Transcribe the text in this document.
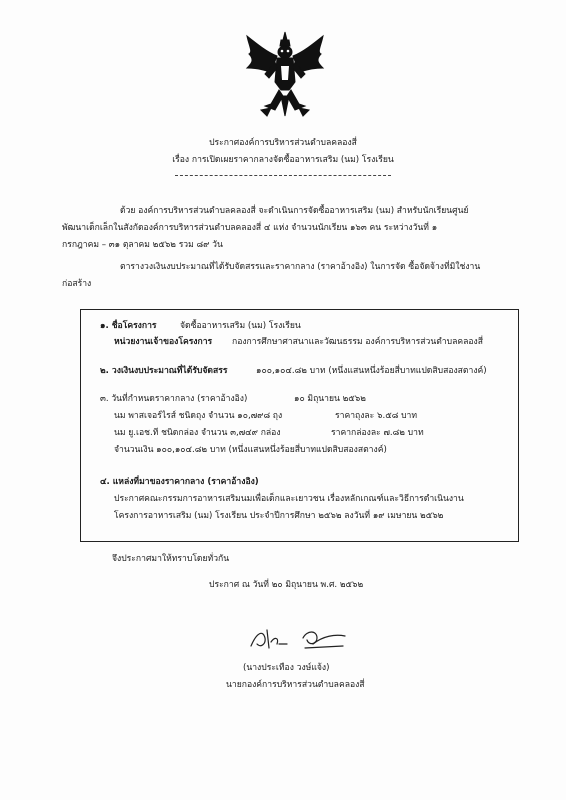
ประกาศองค์การบริหารส่วนตำบลคลองสี่
เรื่อง การเปิดเผยราคากลางจัดซื้ออาหารเสริม (นม) โรงเรียน
ด้วย องค์การบริหารส่วนตำบลคลองสี่ จะดำเนินการจัดซื้ออาหารเสริม (นม) สำหรับนักเรียนศูนย์
พัฒนาเด็กเล็กในสังกัดองค์การบริหารส่วนตำบลคลองสี่ ๔ แห่ง จำนวนนักเรียน ๑๖๓ คน ระหว่างวันที่ ๑
กรกฎาคม – ๓๑ ตุลาคม ๒๕๖๒ รวม ๘๙ วัน
ตารางวงเงินงบประมาณที่ได้รับจัดสรรและราคากลาง (ราคาอ้างอิง) ในการจัด ซื้อจัดจ้างที่มิใช่งาน
ก่อสร้าง
๑. ชื่อโครงการ	จัดซื้ออาหารเสริม (นม) โรงเรียน
หน่วยงานเจ้าของโครงการ กองการศึกษาศาสนาและวัฒนธรรม องค์การบริหารส่วนตำบลคลองสี่
๒. วงเงินงบประมาณที่ได้รับจัดสรร	๑๐๐,๑๐๔.๘๒ บาท (หนึ่งแสนหนึ่งร้อยสี่บาทแปดสิบสองสตางค์)
๓. วันที่กำหนดราคากลาง (ราคาอ้างอิง)	๑๐ มิถุนายน ๒๕๖๒
นม พาสเจอร์ไรส์ ชนิดถุง จำนวน ๑๐,๗๙๘ ถุง	ราคาถุงละ ๖.๕๘ บาท
นม ยู.เอช.ที ชนิดกล่อง จำนวน ๓,๗๔๙ กล่อง	ราคากล่องละ ๗.๘๒ บาท
จำนวนเงิน ๑๐๐,๑๐๔.๘๒ บาท (หนึ่งแสนหนึ่งร้อยสี่บาทแปดสิบสองสตางค์)
๔. แหล่งที่มาของราคากลาง (ราคาอ้างอิง)
ประกาศคณะกรรมการอาหารเสริมนมเพื่อเด็กและเยาวชน เรื่องหลักเกณฑ์และวิธีการดำเนินงาน
โครงการอาหารเสริม (นม) โรงเรียน ประจำปีการศึกษา ๒๕๖๒ ลงวันที่ ๑๙ เมษายน ๒๕๖๒
จึงประกาศมาให้ทราบโดยทั่วกัน
ประกาศ ณ วันที่ ๒๐ มิถุนายน พ.ศ. ๒๕๖๒
(นางประเทือง วงษ์แจ้ง)
นายกองค์การบริหารส่วนตำบลคลองสี่
